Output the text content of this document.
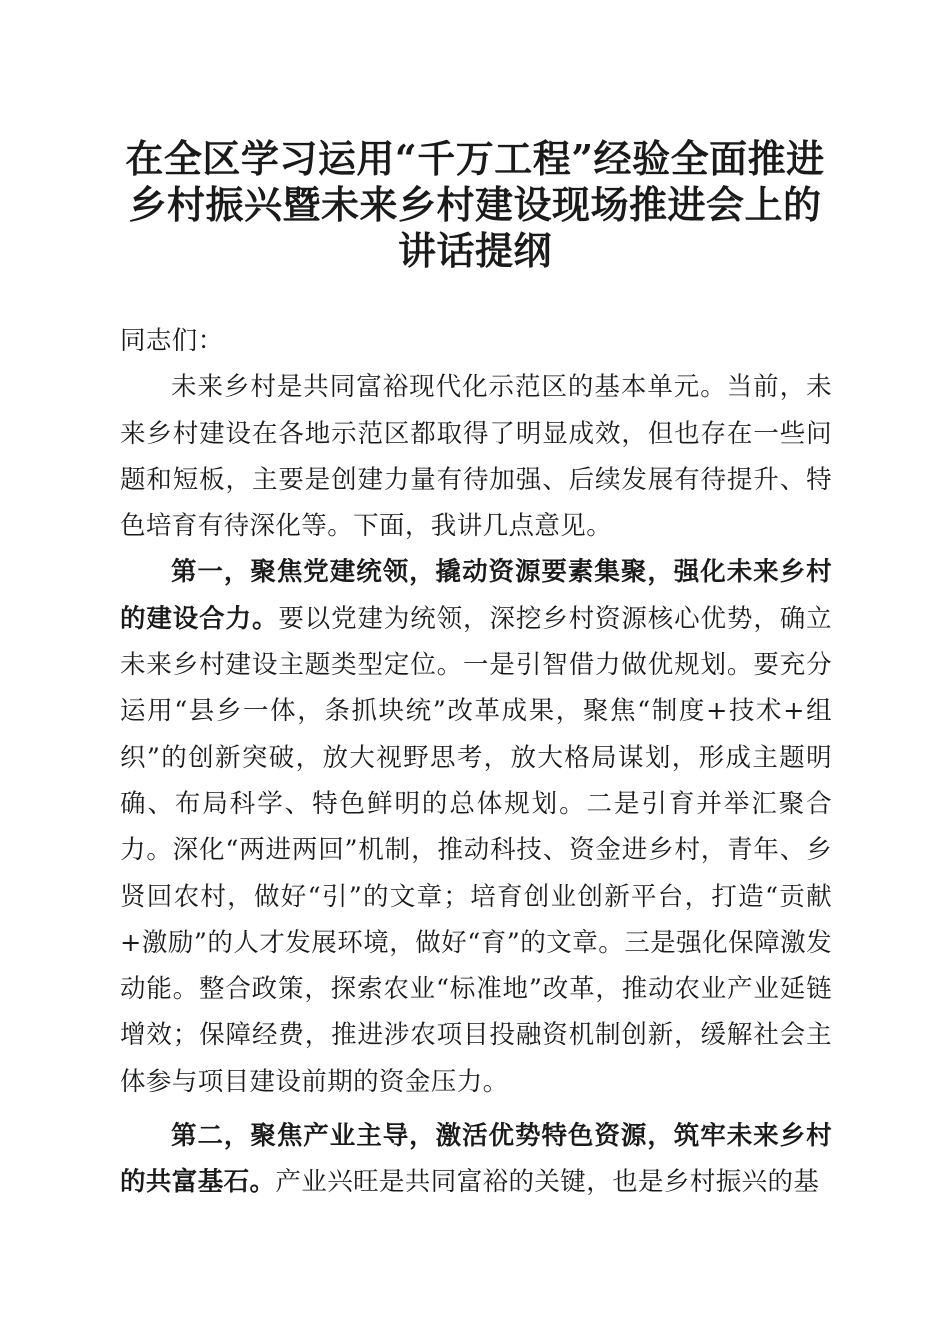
在全区学习运用“千万工程”经验全面推进乡村振兴暨未来乡村建设现场推进会上的讲话提纲

同志们：

未来乡村是共同富裕现代化示范区的基本单元。当前，未来乡村建设在各地示范区都取得了明显成效，但也存在一些问题和短板，主要是创建力量有待加强、后续发展有待提升、特色培育有待深化等。下面，我讲几点意见。

第一，聚焦党建统领，撬动资源要素集聚，强化未来乡村的建设合力。要以党建为统领，深挖乡村资源核心优势，确立未来乡村建设主题类型定位。一是引智借力做优规划。要充分运用“县乡一体，条抓块统”改革成果，聚焦“制度+技术+组织”的创新突破，放大视野思考，放大格局谋划，形成主题明确、布局科学、特色鲜明的总体规划。二是引育并举汇聚合力。深化“两进两回”机制，推动科技、资金进乡村，青年、乡贤回农村，做好“引”的文章；培育创业创新平台，打造“贡献+激励”的人才发展环境，做好“育”的文章。三是强化保障激发动能。整合政策，探索农业“标准地”改革，推动农业产业延链增效；保障经费，推进涉农项目投融资机制创新，缓解社会主体参与项目建设前期的资金压力。

第二，聚焦产业主导，激活优势特色资源，筑牢未来乡村的共富基石。产业兴旺是共同富裕的关键，也是乡村振兴的基
